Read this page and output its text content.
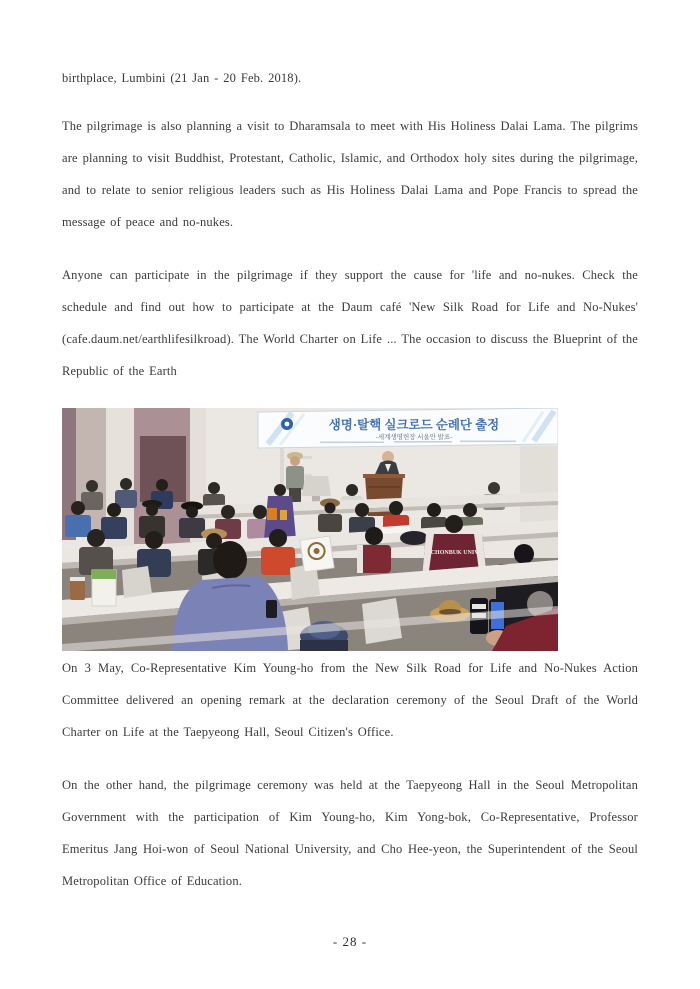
birthplace, Lumbini (21 Jan - 20 Feb. 2018).

The pilgrimage is also planning a visit to Dharamsala to meet with His Holiness Dalai Lama. The pilgrims are planning to visit Buddhist, Protestant, Catholic, Islamic, and Orthodox holy sites during the pilgrimage, and to relate to senior religious leaders such as His Holiness Dalai Lama and Pope Francis to spread the message of peace and no-nukes.

Anyone can participate in the pilgrimage if they support the cause for 'life and no-nukes. Check the schedule and find out how to participate at the Daum café 'New Silk Road for Life and No-Nukes' (cafe.daum.net/earthlifesilkroad). The World Charter on Life ... The occasion to discuss the Blueprint of the Republic of the Earth

생명·탈핵 실크로드 순례단 출정
-세계생명헌장 서울안 발표-
CHONBUK UNIV.

On 3 May, Co-Representative Kim Young-ho from the New Silk Road for Life and No-Nukes Action Committee delivered an opening remark at the declaration ceremony of the Seoul Draft of the World Charter on Life at the Taepyeong Hall, Seoul Citizen's Office.

On the other hand, the pilgrimage ceremony was held at the Taepyeong Hall in the Seoul Metropolitan Government with the participation of Kim Young-ho, Kim Yong-bok, Co-Representative, Professor Emeritus Jang Hoi-won of Seoul National University, and Cho Hee-yeon, the Superintendent of the Seoul Metropolitan Office of Education.

- 28 -
